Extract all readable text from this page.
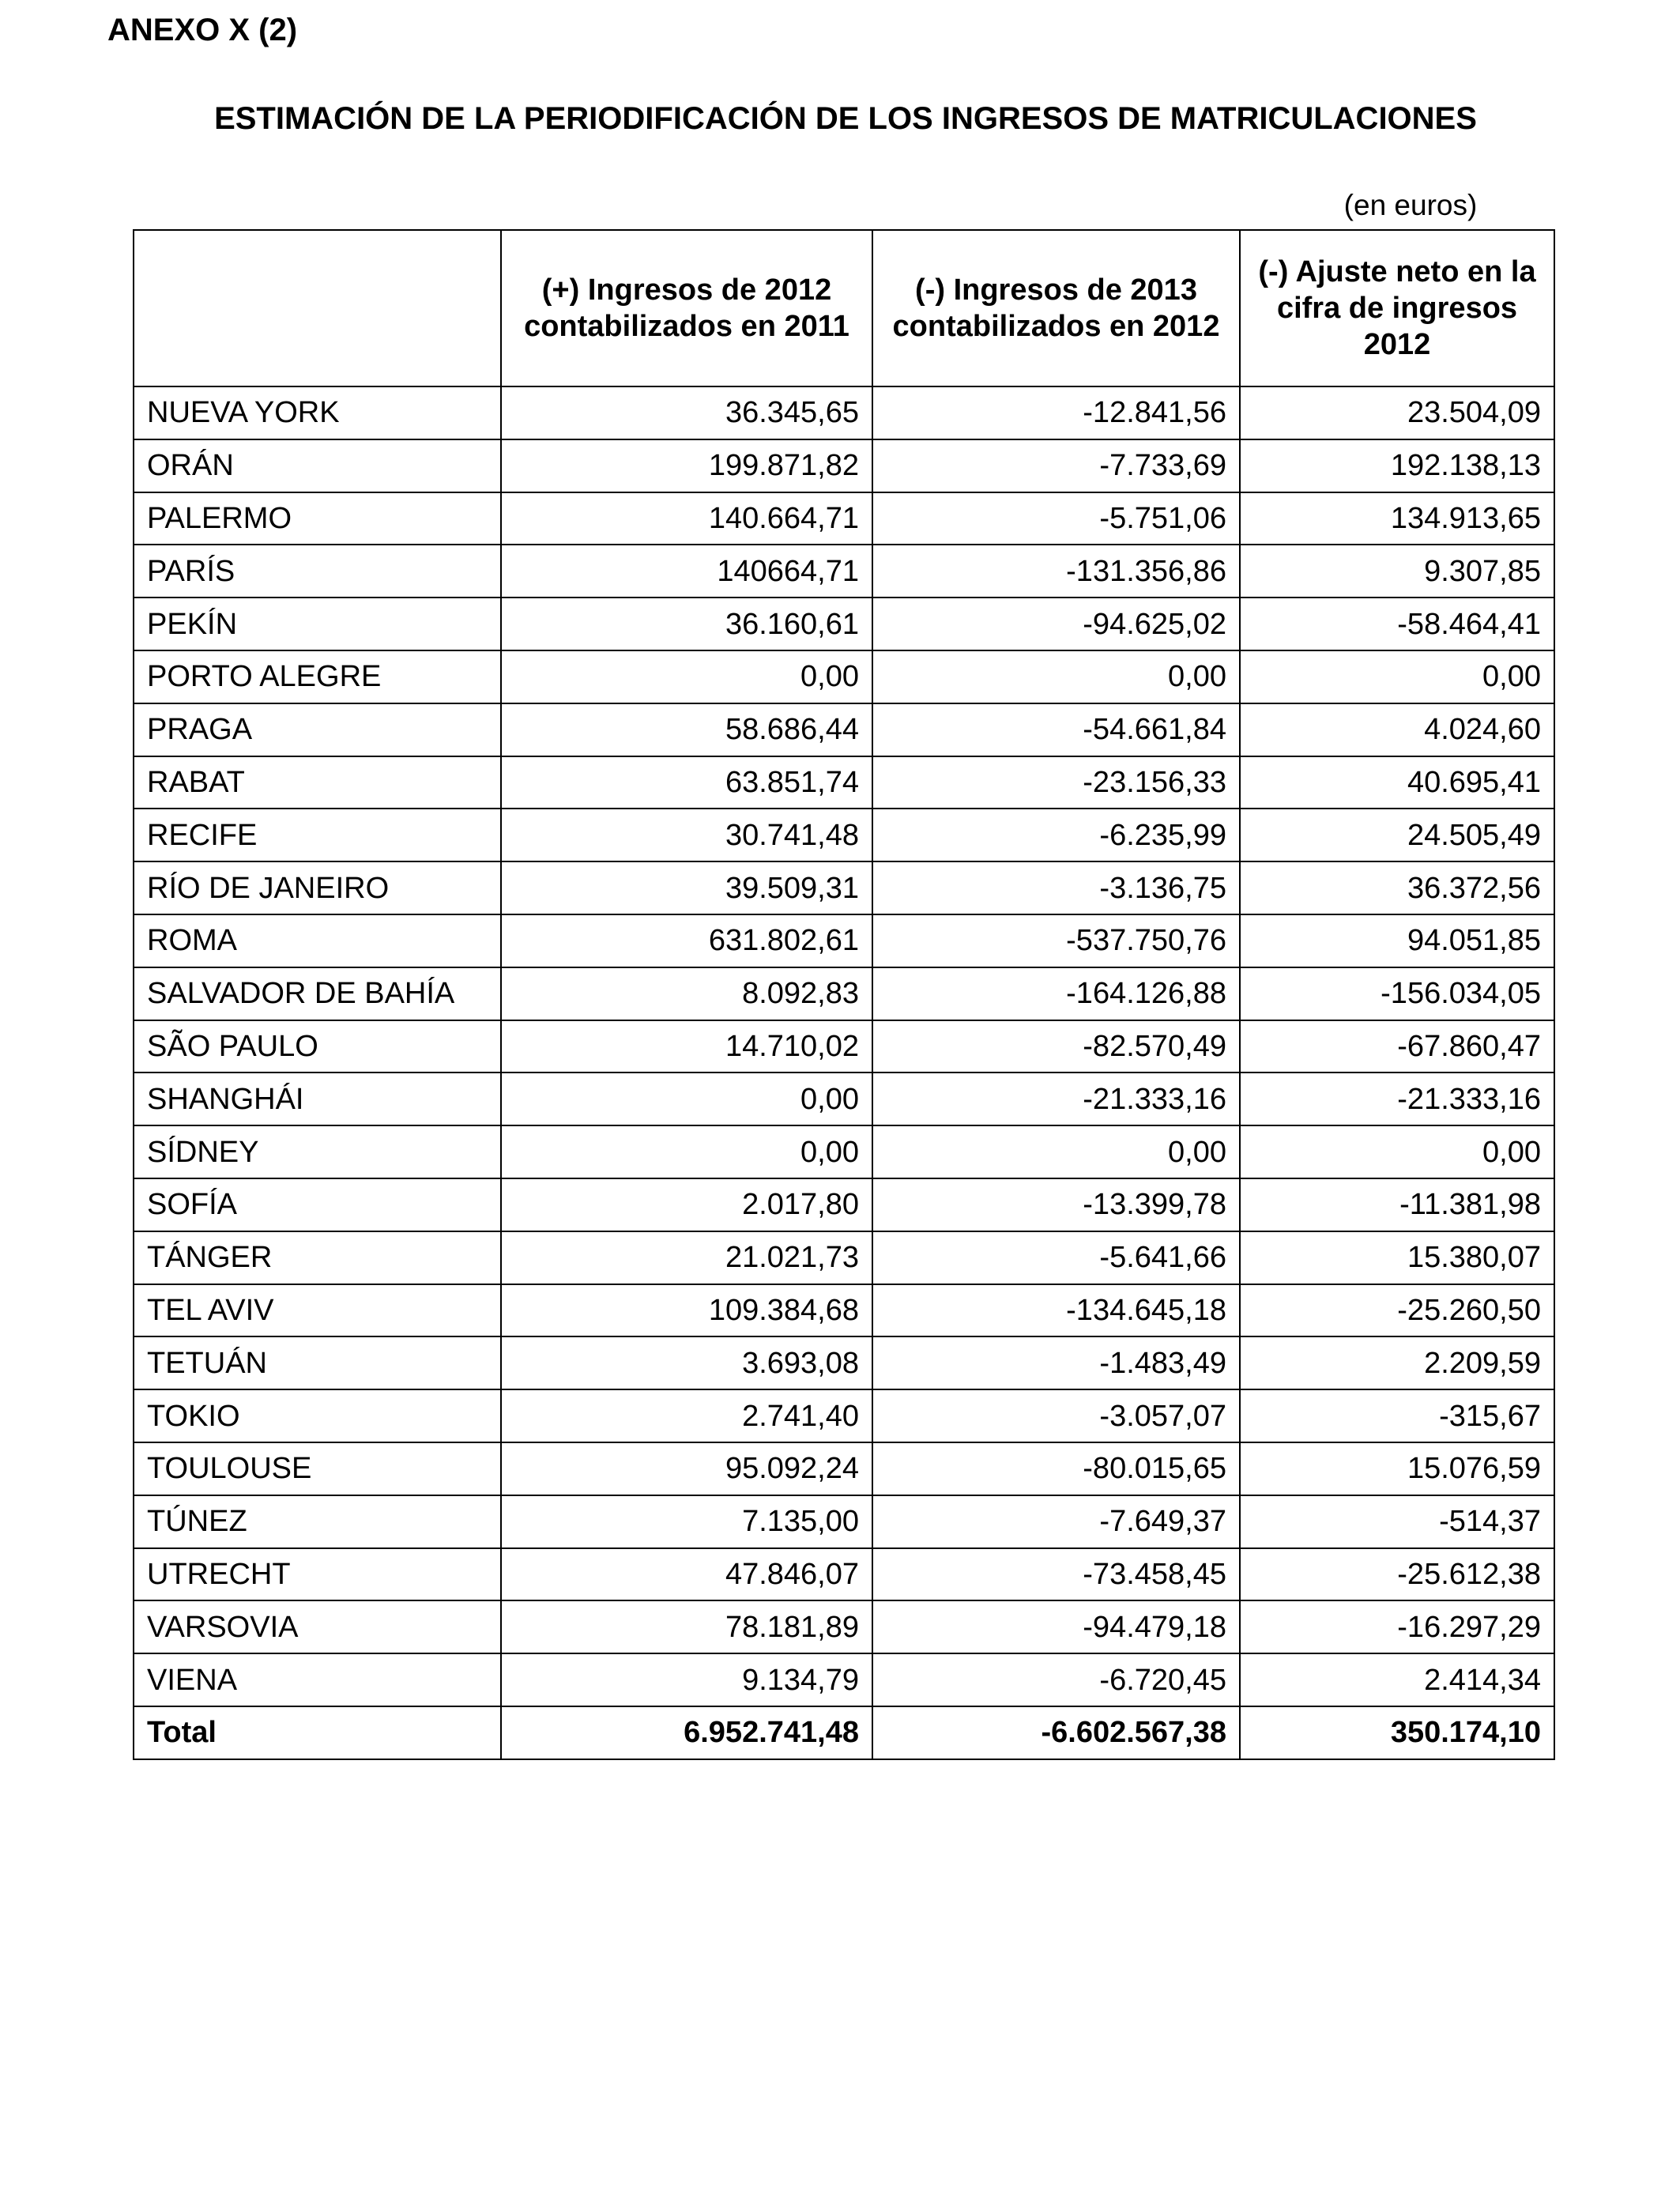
ANEXO X (2)
ESTIMACIÓN DE LA PERIODIFICACIÓN DE LOS INGRESOS DE MATRICULACIONES
(en euros)
	(+) Ingresos de 2012 contabilizados en 2011	(-) Ingresos de 2013 contabilizados en 2012	(-) Ajuste neto en la cifra de ingresos 2012
NUEVA YORK	36.345,65	-12.841,56	23.504,09
ORÁN	199.871,82	-7.733,69	192.138,13
PALERMO	140.664,71	-5.751,06	134.913,65
PARÍS	140664,71	-131.356,86	9.307,85
PEKÍN	36.160,61	-94.625,02	-58.464,41
PORTO ALEGRE	0,00	0,00	0,00
PRAGA	58.686,44	-54.661,84	4.024,60
RABAT	63.851,74	-23.156,33	40.695,41
RECIFE	30.741,48	-6.235,99	24.505,49
RÍO DE JANEIRO	39.509,31	-3.136,75	36.372,56
ROMA	631.802,61	-537.750,76	94.051,85
SALVADOR DE BAHÍA	8.092,83	-164.126,88	-156.034,05
SÃO PAULO	14.710,02	-82.570,49	-67.860,47
SHANGHÁI	0,00	-21.333,16	-21.333,16
SÍDNEY	0,00	0,00	0,00
SOFÍA	2.017,80	-13.399,78	-11.381,98
TÁNGER	21.021,73	-5.641,66	15.380,07
TEL AVIV	109.384,68	-134.645,18	-25.260,50
TETUÁN	3.693,08	-1.483,49	2.209,59
TOKIO	2.741,40	-3.057,07	-315,67
TOULOUSE	95.092,24	-80.015,65	15.076,59
TÚNEZ	7.135,00	-7.649,37	-514,37
UTRECHT	47.846,07	-73.458,45	-25.612,38
VARSOVIA	78.181,89	-94.479,18	-16.297,29
VIENA	9.134,79	-6.720,45	2.414,34
Total	6.952.741,48	-6.602.567,38	350.174,10
